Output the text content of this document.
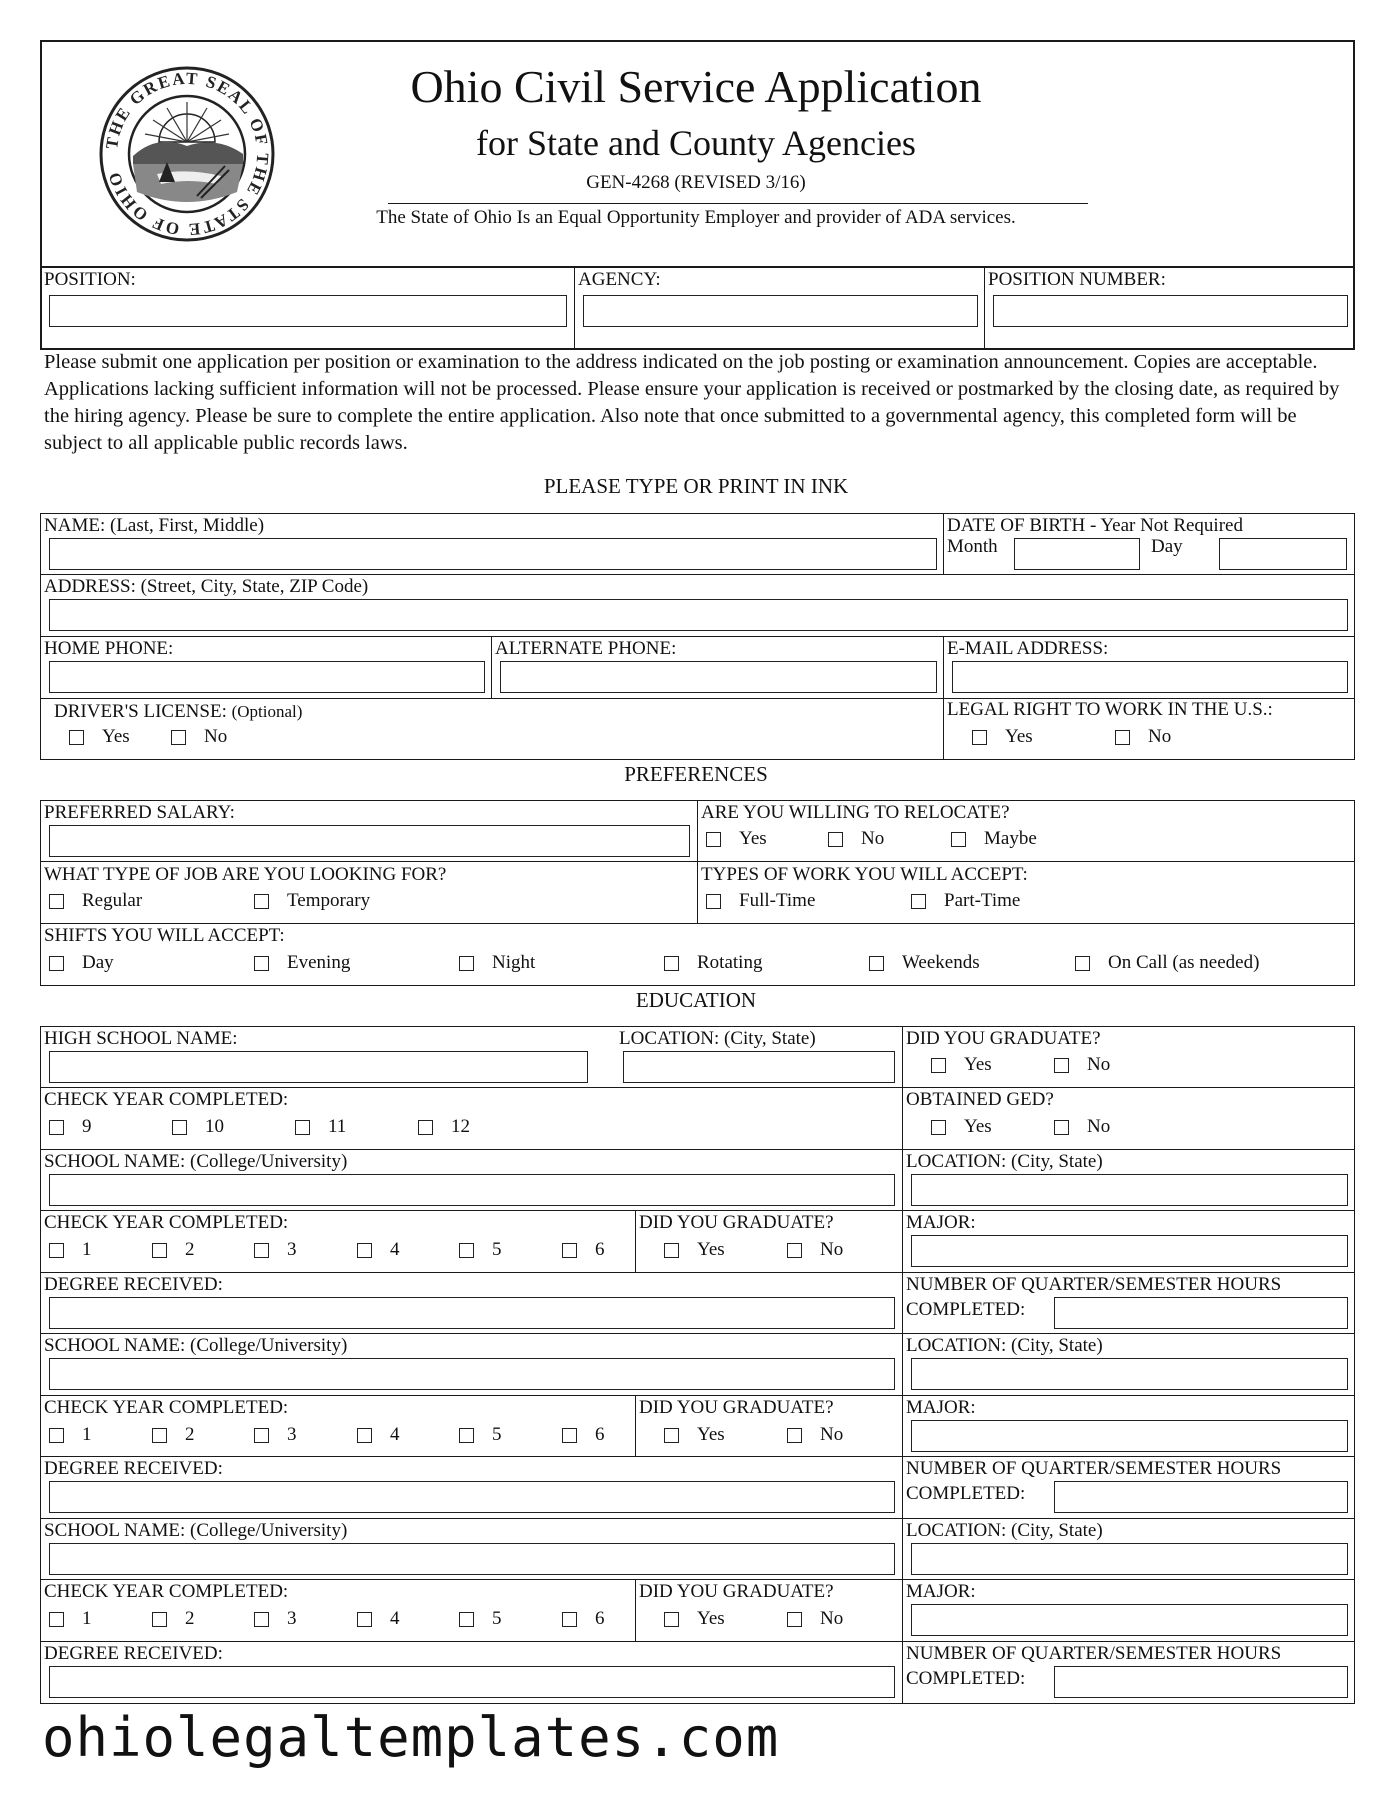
THE GREAT SEAL OF THE STATE OF OHIO
Ohio Civil Service Application
for State and County Agencies
GEN-4268 (REVISED 3/16)
The State of Ohio Is an Equal Opportunity Employer and provider of ADA services.
POSITION:	AGENCY:	POSITION NUMBER:
Please submit one application per position or examination to the address indicated on the job posting or examination announcement. Copies are acceptable. Applications lacking sufficient information will not be processed. Please ensure your application is received or postmarked by the closing date, as required by the hiring agency. Please be sure to complete the entire application. Also note that once submitted to a governmental agency, this completed form will be subject to all applicable public records laws.
PLEASE TYPE OR PRINT IN INK
NAME: (Last, First, Middle)	DATE OF BIRTH - Year Not Required
Month	Day
ADDRESS: (Street, City, State, ZIP Code)
HOME PHONE:	ALTERNATE PHONE:	E-MAIL ADDRESS:
DRIVER'S LICENSE: (Optional)
Yes	No
LEGAL RIGHT TO WORK IN THE U.S.:
Yes	No
PREFERENCES
PREFERRED SALARY:	ARE YOU WILLING TO RELOCATE?
Yes	No	Maybe
WHAT TYPE OF JOB ARE YOU LOOKING FOR?
Regular	Temporary
TYPES OF WORK YOU WILL ACCEPT:
Full-Time	Part-Time
SHIFTS YOU WILL ACCEPT:
Day	Evening	Night	Rotating	Weekends	On Call (as needed)
EDUCATION
HIGH SCHOOL NAME:	LOCATION: (City, State)	DID YOU GRADUATE?
Yes	No
CHECK YEAR COMPLETED:
9	10	11	12
OBTAINED GED?
Yes	No
SCHOOL NAME: (College/University)	LOCATION: (City, State)
CHECK YEAR COMPLETED:
1	2	3	4	5	6
DID YOU GRADUATE?
Yes	No
MAJOR:
DEGREE RECEIVED:	NUMBER OF QUARTER/SEMESTER HOURS
COMPLETED:
SCHOOL NAME: (College/University)	LOCATION: (City, State)
CHECK YEAR COMPLETED:
1	2	3	4	5	6
DID YOU GRADUATE?
Yes	No
MAJOR:
DEGREE RECEIVED:	NUMBER OF QUARTER/SEMESTER HOURS
COMPLETED:
SCHOOL NAME: (College/University)	LOCATION: (City, State)
CHECK YEAR COMPLETED:
1	2	3	4	5	6
DID YOU GRADUATE?
Yes	No
MAJOR:
DEGREE RECEIVED:	NUMBER OF QUARTER/SEMESTER HOURS
COMPLETED:
ohiolegaltemplates.com
